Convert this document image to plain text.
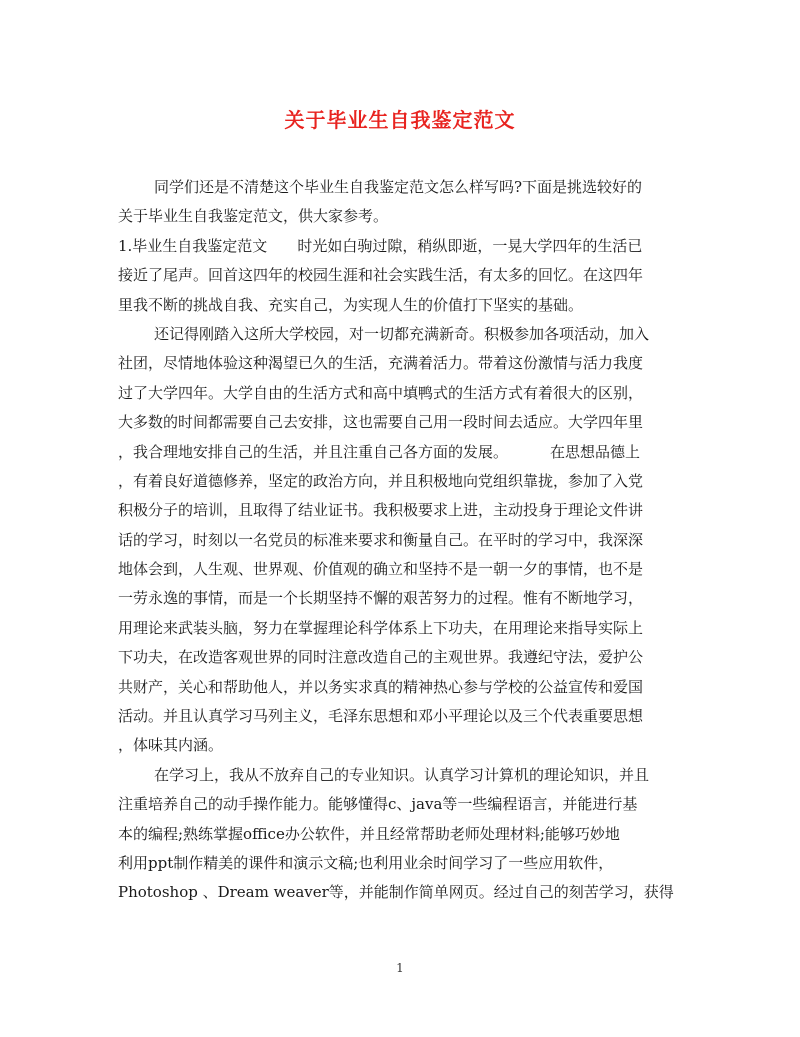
关于毕业生自我鉴定范文
同学们还是不清楚这个毕业生自我鉴定范文怎么样写吗?下面是挑选较好的
关于毕业生自我鉴定范文，供大家参考。
1.毕业生自我鉴定范文 时光如白驹过隙，稍纵即逝，一晃大学四年的生活已
接近了尾声。回首这四年的校园生涯和社会实践生活，有太多的回忆。在这四年
里我不断的挑战自我、充实自己，为实现人生的价值打下坚实的基础。
还记得刚踏入这所大学校园，对一切都充满新奇。积极参加各项活动，加入
社团，尽情地体验这种渴望已久的生活，充满着活力。带着这份激情与活力我度
过了大学四年。大学自由的生活方式和高中填鸭式的生活方式有着很大的区别，
大多数的时间都需要自己去安排，这也需要自己用一段时间去适应。大学四年里
，我合理地安排自己的生活，并且注重自己各方面的发展。	在思想品德上
，有着良好道德修养，坚定的政治方向，并且积极地向党组织靠拢，参加了入党
积极分子的培训，且取得了结业证书。我积极要求上进，主动投身于理论文件讲
话的学习，时刻以一名党员的标准来要求和衡量自己。在平时的学习中，我深深
地体会到，人生观、世界观、价值观的确立和坚持不是一朝一夕的事情，也不是
一劳永逸的事情，而是一个长期坚持不懈的艰苦努力的过程。惟有不断地学习，
用理论来武装头脑，努力在掌握理论科学体系上下功夫，在用理论来指导实际上
下功夫，在改造客观世界的同时注意改造自己的主观世界。我遵纪守法，爱护公
共财产，关心和帮助他人，并以务实求真的精神热心参与学校的公益宣传和爱国
活动。并且认真学习马列主义，毛泽东思想和邓小平理论以及三个代表重要思想
，体味其内涵。
在学习上，我从不放弃自己的专业知识。认真学习计算机的理论知识，并且
注重培养自己的动手操作能力。能够懂得c、java等一些编程语言，并能进行基
本的编程;熟练掌握office办公软件，并且经常帮助老师处理材料;能够巧妙地
利用ppt制作精美的课件和演示文稿;也利用业余时间学习了一些应用软件，
Photoshop 、Dream weaver等，并能制作简单网页。经过自己的刻苦学习，获得
1
